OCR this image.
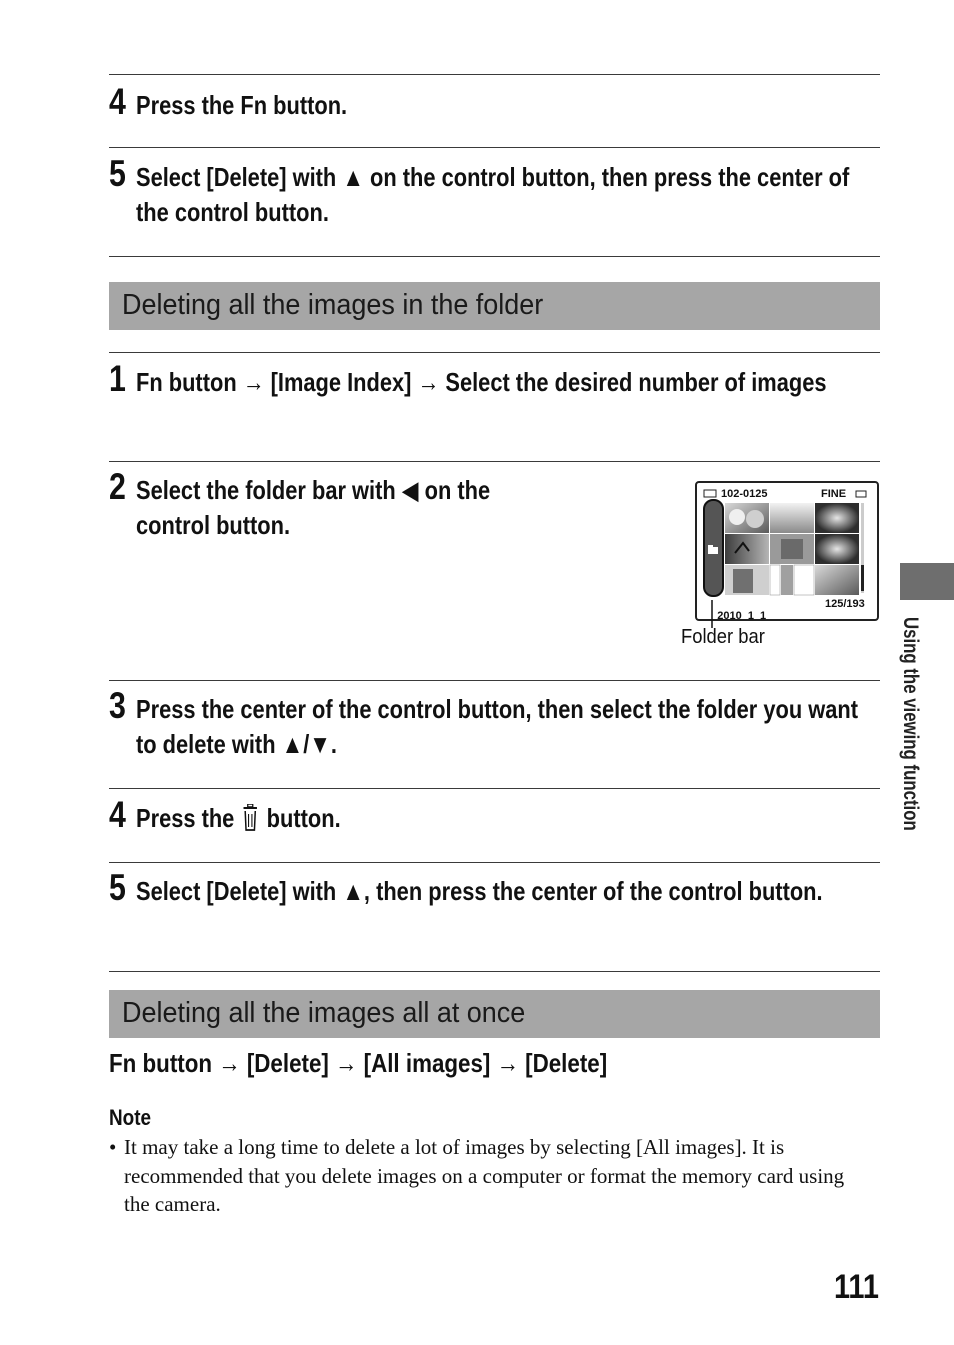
4 Press the Fn button.
5 Select [Delete] with ▲ on the control button, then press the center of the control button.
Deleting all the images in the folder
1 Fn button → [Image Index] → Select the desired number of images
2 Select the folder bar with ◀ on the control button.
102-0125	FINE

2010  1  1

125/193
Folder bar
3 Press the center of the control button, then select the folder you want to delete with ▲/▼.
4 Press the button.
5 Select [Delete] with ▲, then press the center of the control button.
Deleting all the images all at once
Fn button → [Delete] → [All images] → [Delete]
Note
• It may take a long time to delete a lot of images by selecting [All images]. It is recommended that you delete images on a computer or format the memory card using the camera.
Using the viewing function
111
